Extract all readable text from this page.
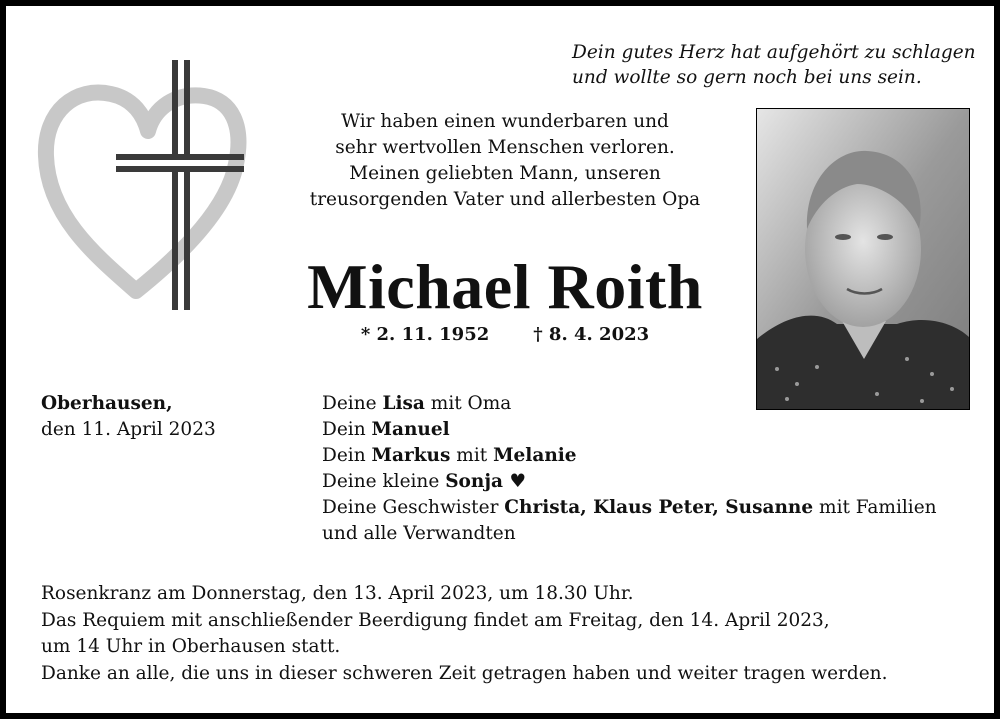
Dein gutes Herz hat aufgehört zu schlagen
und wollte so gern noch bei uns sein.
Wir haben einen wunderbaren und
sehr wertvollen Menschen verloren.
Meinen geliebten Mann, unseren
treusorgenden Vater und allerbesten Opa
Michael Roith
* 2. 11. 1952 † 8. 4. 2023
Oberhausen,
den 11. April 2023
Deine Lisa mit Oma
Dein Manuel
Dein Markus mit Melanie
Deine kleine Sonja ♥
Deine Geschwister Christa, Klaus Peter, Susanne mit Familien
und alle Verwandten
Rosenkranz am Donnerstag, den 13. April 2023, um 18.30 Uhr.
Das Requiem mit anschließender Beerdigung findet am Freitag, den 14. April 2023,
um 14 Uhr in Oberhausen statt.
Danke an alle, die uns in dieser schweren Zeit getragen haben und weiter tragen werden.
